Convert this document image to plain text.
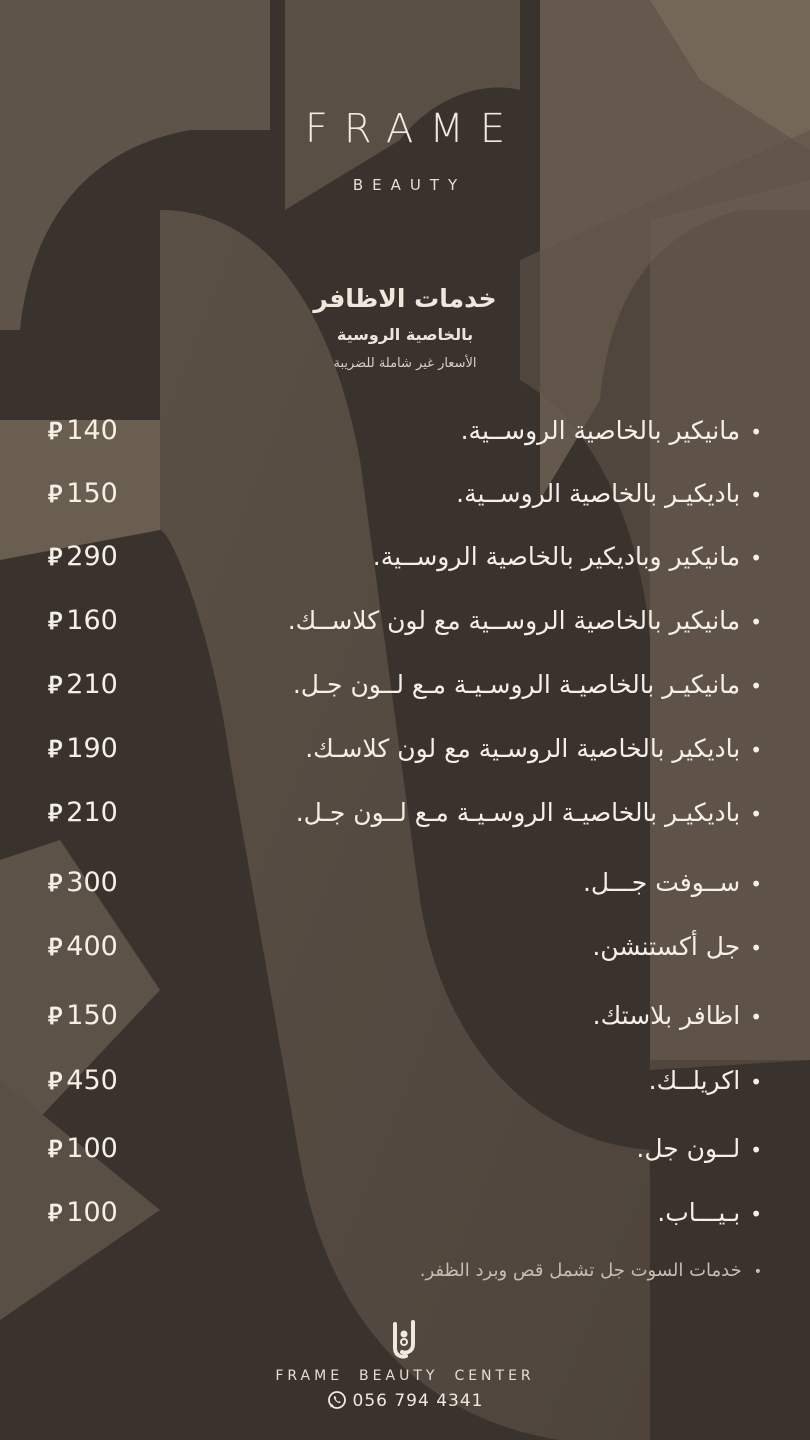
FRAME
BEAUTY
خدمات الاظافر
بالخاصية الروسية
الأسعار غير شاملة للضريبة
• مانيكير بالخاصية الروســية.
⃁ 140
• باديكيـر بالخاصية الروســية.
⃁ 150
• مانيكير وباديكير بالخاصية الروســية.
⃁ 290
• مانيكير بالخاصية الروســية مع لون كلاســك.
⃁ 160
• مانيكيـر بالخاصيـة الروسـيـة مـع لــون جـل.
⃁ 210
• باديكير بالخاصية الروسـية مع لون كلاسـك.
⃁ 190
• باديكيـر بالخاصيـة الروسـيـة مـع لــون جـل.
⃁ 210
• ســوفت جـــل.
⃁ 300
• جل أكستنشن.
⃁ 400
• اظافر بلاستك.
⃁ 150
• اكريلــك.
⃁ 450
• لــون جل.
⃁ 100
• بـيـــاب.
⃁ 100
• خدمات السوت جل تشمل قص وبرد الظفر.
FRAME BEAUTY CENTER
056 794 4341
